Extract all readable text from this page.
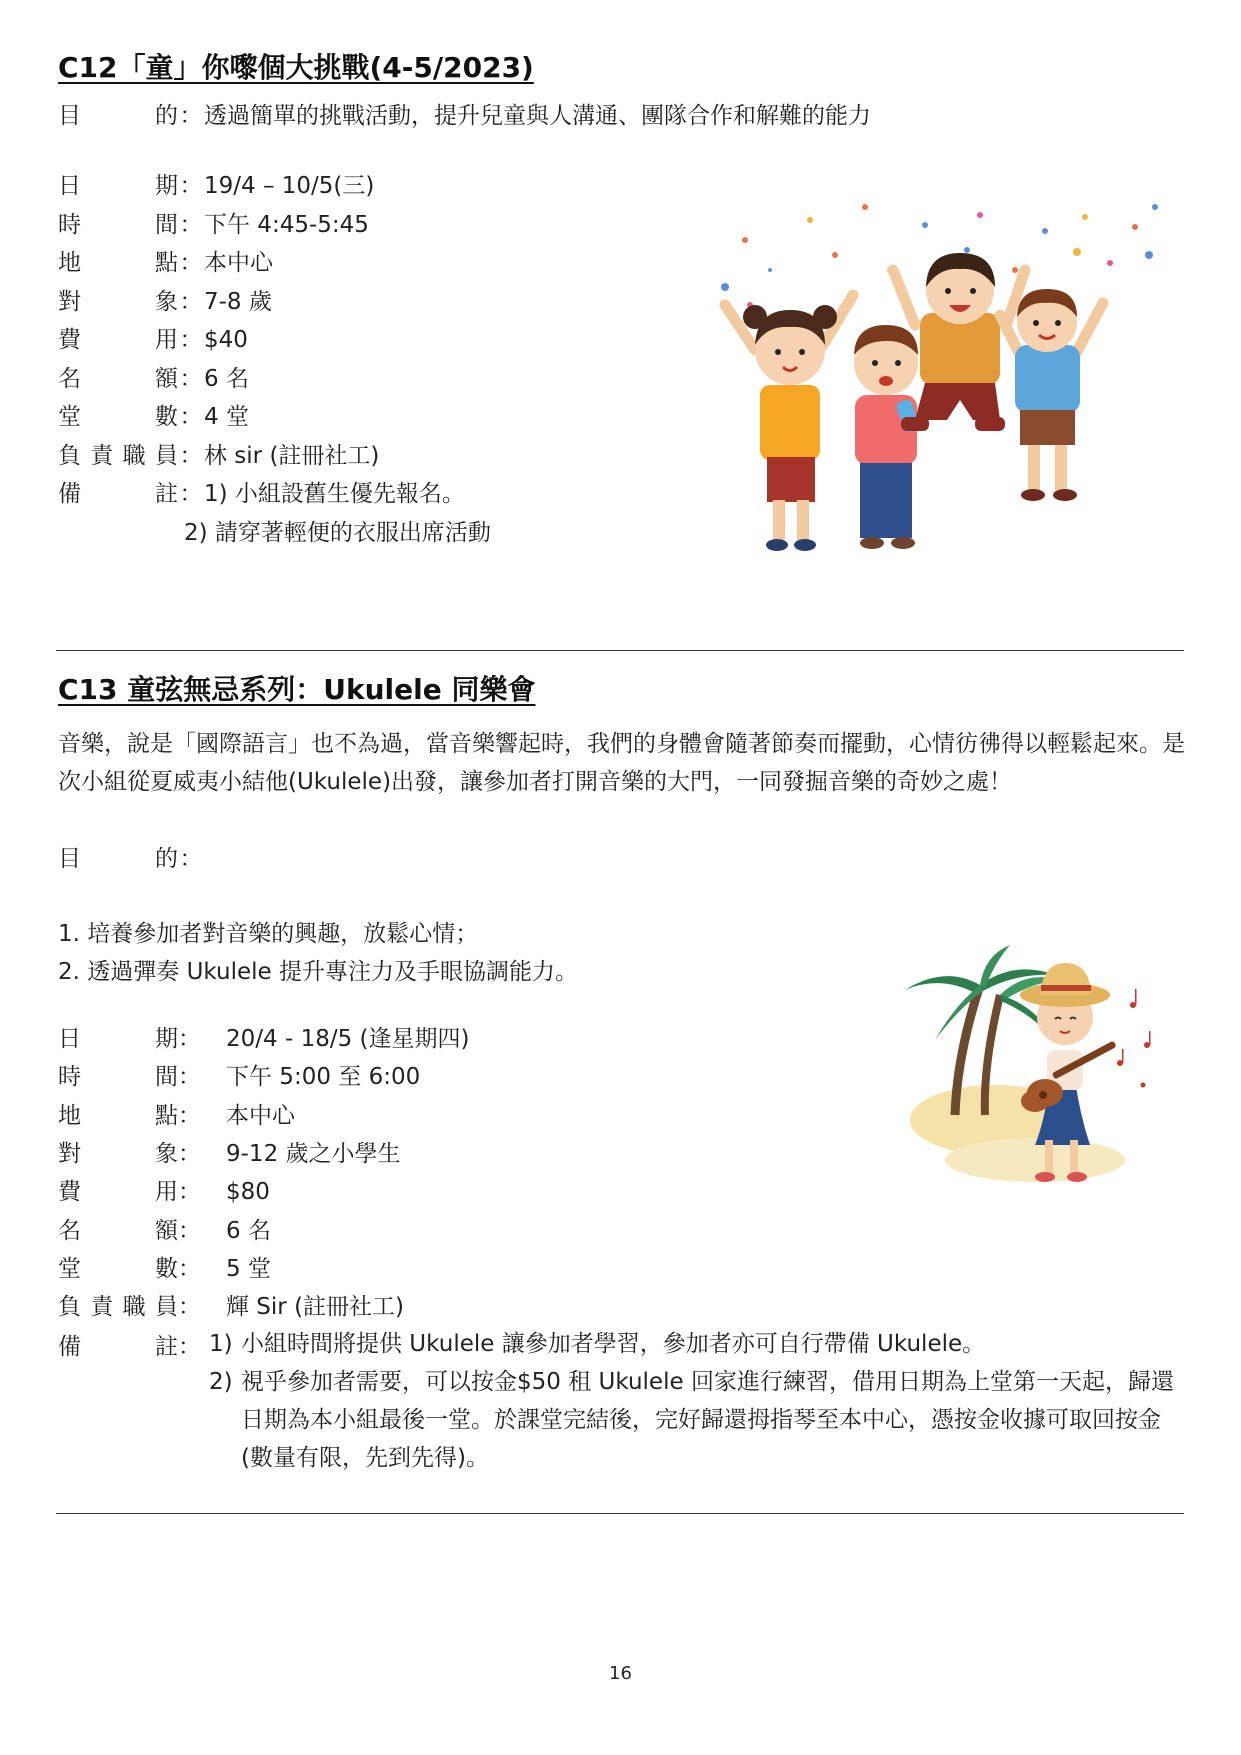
C12「童」你嚟個大挑戰(4-5/2023)
目的：透過簡單的挑戰活動，提升兒童與人溝通、團隊合作和解難的能力
日期：19/4 – 10/5(三)
時間：下午 4:45-5:45
地點：本中心
對象：7-8 歲
費用：$40
名額：6 名
堂數：4 堂
負責職員：林 sir (註冊社工)
備註：1) 小組設舊生優先報名。
2) 請穿著輕便的衣服出席活動
C13 童弦無忌系列：Ukulele 同樂會
音樂，說是「國際語言」也不為過，當音樂響起時，我們的身體會隨著節奏而擺動，心情彷彿得以輕鬆起來。是次小組從夏威夷小結他(Ukulele)出發，讓參加者打開音樂的大門，一同發掘音樂的奇妙之處！
目的：
1. 培養參加者對音樂的興趣，放鬆心情；
2. 透過彈奏 Ukulele 提升專注力及手眼協調能力。
日期： 20/4 - 18/5 (逢星期四)
時間： 下午 5:00 至 6:00
地點： 本中心
對象： 9-12 歲之小學生
費用： $80
名額： 6 名
堂數： 5 堂
負責職員： 輝 Sir (註冊社工)
備註： 1) 小組時間將提供 Ukulele 讓參加者學習，參加者亦可自行帶備 Ukulele。
2) 視乎參加者需要，可以按金$50 租 Ukulele 回家進行練習，借用日期為上堂第一天起，歸還日期為本小組最後一堂。於課堂完結後，完好歸還拇指琴至本中心，憑按金收據可取回按金(數量有限，先到先得)。
16
